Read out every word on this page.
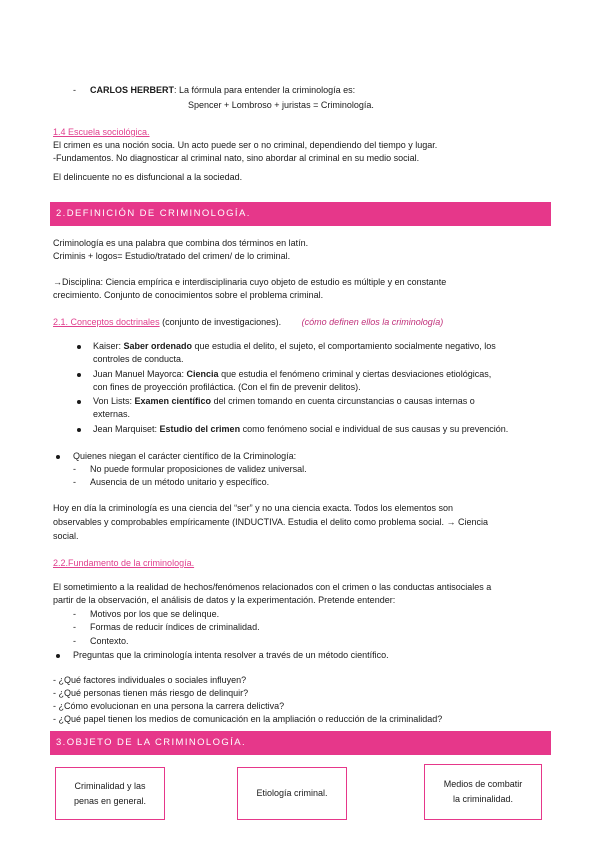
- CARLOS HERBERT: La fórmula para entender la criminología es:
Spencer + Lombroso + juristas = Criminología.
1.4 Escuela sociológica.
El crimen es una noción socia. Un acto puede ser o no criminal, dependiendo del tiempo y lugar.
-Fundamentos. No diagnosticar al criminal nato, sino abordar al criminal en su medio social.
El delincuente no es disfuncional a la sociedad.
2.DEFINICIÓN DE CRIMINOLOGÍA.
Criminología es una palabra que combina dos términos en latín.
Criminis + logos= Estudio/tratado del crimen/ de lo criminal.
→Disciplina: Ciencia empírica e interdisciplinaria cuyo objeto de estudio es múltiple y en constante
crecimiento. Conjunto de conocimientos sobre el problema criminal.
2.1. Conceptos doctrinales (conjunto de investigaciones). (cómo definen ellos la criminología)
Kaiser: Saber ordenado que estudia el delito, el sujeto, el comportamiento socialmente negativo, los
controles de conducta.
Juan Manuel Mayorca: Ciencia que estudia el fenómeno criminal y ciertas desviaciones etiológicas,
con fines de proyección profiláctica. (Con el fin de prevenir delitos).
Von Lists: Examen científico del crimen tomando en cuenta circunstancias o causas internas o
externas.
Jean Marquiset: Estudio del crimen como fenómeno social e individual de sus causas y su prevención.
Quienes niegan el carácter científico de la Criminología:
- No puede formular proposiciones de validez universal.
- Ausencia de un método unitario y específico.
Hoy en día la criminología es una ciencia del “ser” y no una ciencia exacta. Todos los elementos son
observables y comprobables empíricamente (INDUCTIVA. Estudia el delito como problema social. → Ciencia
social.
2.2.Fundamento de la criminología.
El sometimiento a la realidad de hechos/fenómenos relacionados con el crimen o las conductas antisociales a
partir de la observación, el análisis de datos y la experimentación. Pretende entender:
- Motivos por los que se delinque.
- Formas de reducir índices de criminalidad.
- Contexto.
Preguntas que la criminología intenta resolver a través de un método científico.
- ¿Qué factores individuales o sociales influyen?
- ¿Qué personas tienen más riesgo de delinquir?
- ¿Cómo evolucionan en una persona la carrera delictiva?
- ¿Qué papel tienen los medios de comunicación en la ampliación o reducción de la criminalidad?
3.OBJETO DE LA CRIMINOLOGÍA.
Criminalidad y las
penas en general.
Etiología criminal.
Medios de combatir
la criminalidad.
